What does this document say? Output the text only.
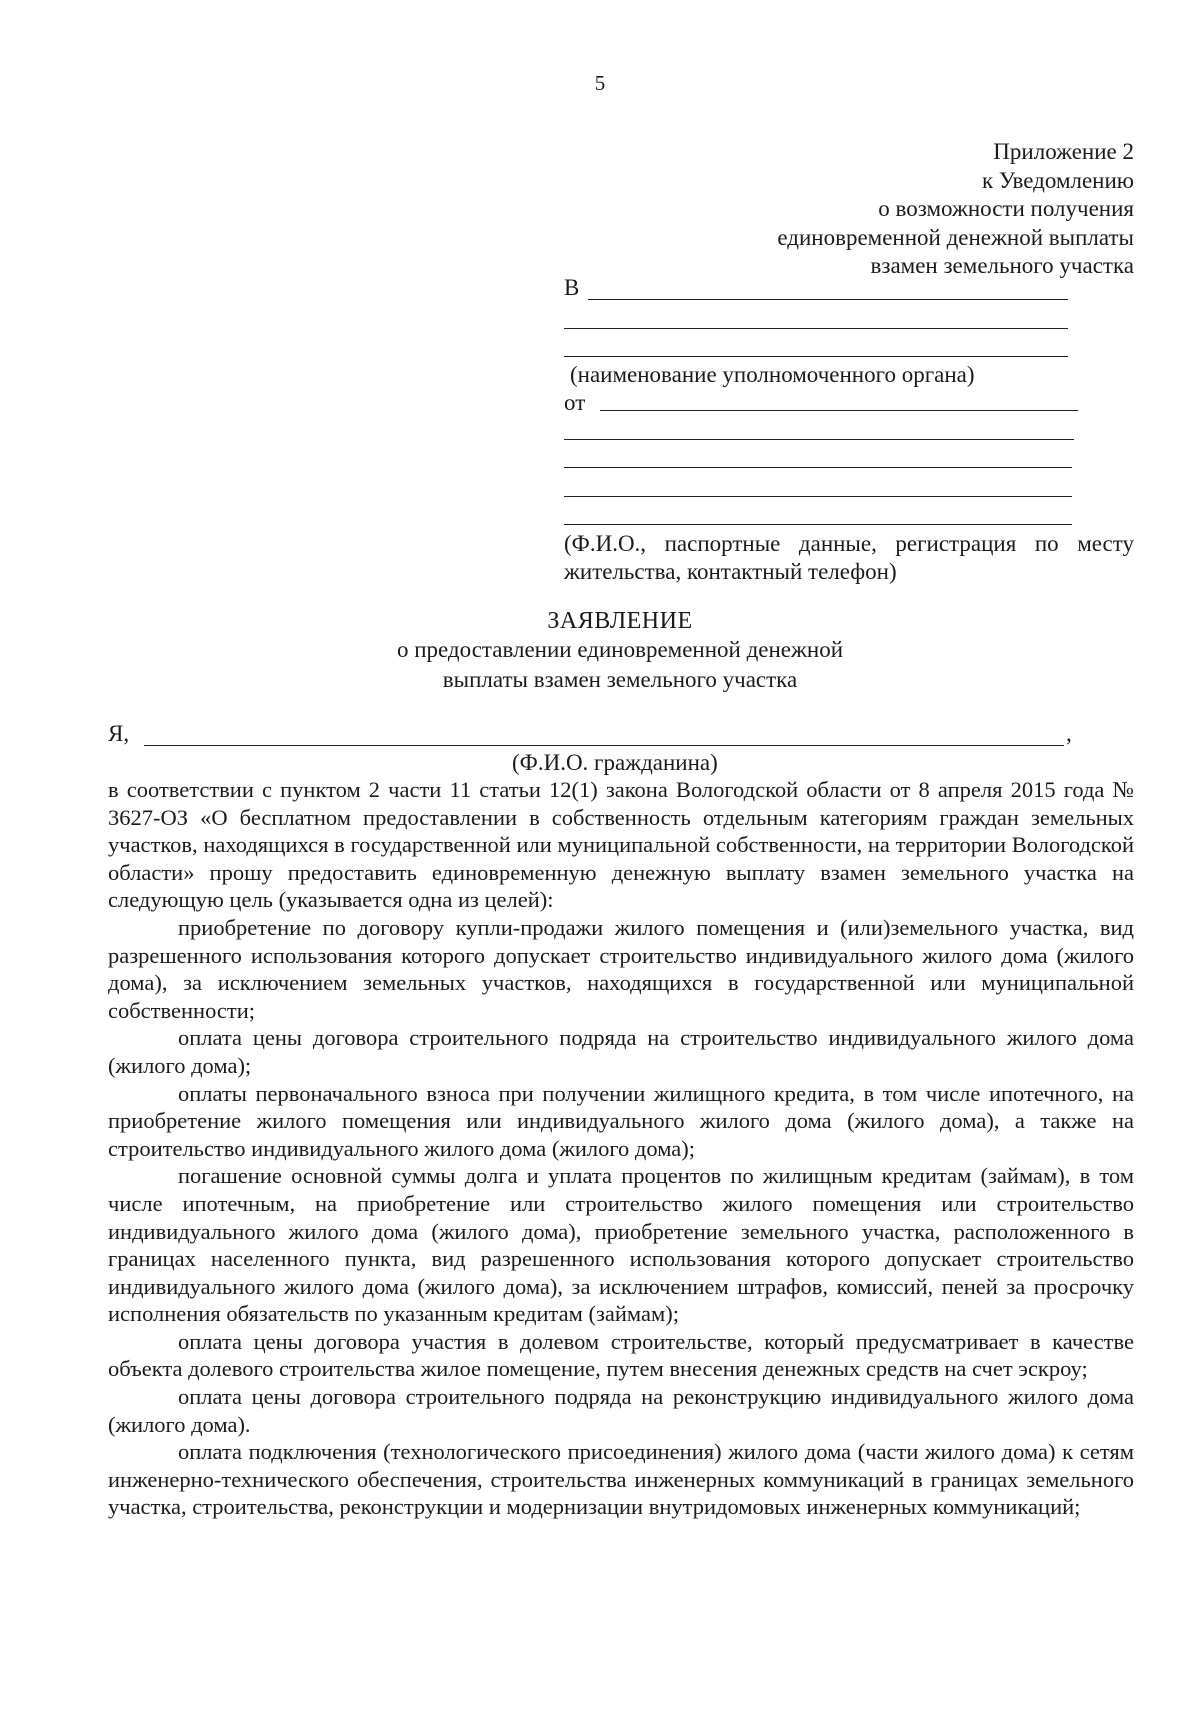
5
Приложение 2
к Уведомлению
о возможности получения
единовременной денежной выплаты
взамен земельного участка
В
(наименование уполномоченного органа)
от
(Ф.И.О., паспортные данные, регистрация по месту
жительства, контактный телефон)
ЗАЯВЛЕНИЕ
о предоставлении единовременной денежной
выплаты взамен земельного участка
Я,	,
(Ф.И.О. гражданина)

в соответствии с пунктом 2 части 11 статьи 12(1) закона Вологодской области от 8 апреля 2015 года № 3627-ОЗ «О бесплатном предоставлении в собственность отдельным категориям граждан земельных участков, находящихся в государственной или муниципальной собственности, на территории Вологодской области» прошу предоставить единовременную денежную выплату взамен земельного участка на следующую цель (указывается одна из целей):

приобретение по договору купли-продажи жилого помещения и (или)земельного участка, вид разрешенного использования которого допускает строительство индивидуального жилого дома (жилого дома), за исключением земельных участков, находящихся в государственной или муниципальной собственности;

оплата цены договора строительного подряда на строительство индивидуального жилого дома (жилого дома);

оплаты первоначального взноса при получении жилищного кредита, в том числе ипотечного, на приобретение жилого помещения или индивидуального жилого дома (жилого дома), а также на строительство индивидуального жилого дома (жилого дома);

погашение основной суммы долга и уплата процентов по жилищным кредитам (займам), в том числе ипотечным, на приобретение или строительство жилого помещения или строительство индивидуального жилого дома (жилого дома), приобретение земельного участка, расположенного в границах населенного пункта, вид разрешенного использования которого допускает строительство индивидуального жилого дома (жилого дома), за исключением штрафов, комиссий, пеней за просрочку исполнения обязательств по указанным кредитам (займам);

оплата цены договора участия в долевом строительстве, который предусматривает в качестве объекта долевого строительства жилое помещение, путем внесения денежных средств на счет эскроу;

оплата цены договора строительного подряда на реконструкцию индивидуального жилого дома (жилого дома).

оплата подключения (технологического присоединения) жилого дома (части жилого дома) к сетям инженерно-технического обеспечения, строительства инженерных коммуникаций в границах земельного участка, строительства, реконструкции и модернизации внутридомовых инженерных коммуникаций;
